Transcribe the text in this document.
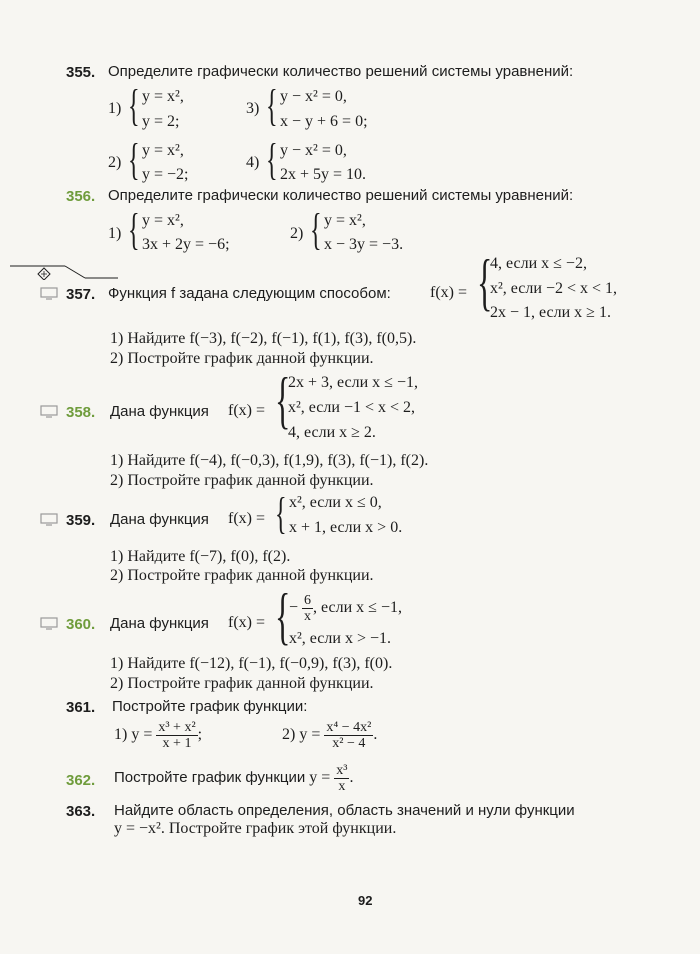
355. Определите графически количество решений системы уравнений:
1) { y = x²,
y = 2;
3) { y − x² = 0,
x − y + 6 = 0;
2) { y = x²,
y = −2;
4) { y − x² = 0,
2x + 5y = 10.
356. Определите графически количество решений системы уравнений:
1) { y = x²,
3x + 2y = −6;
2) { y = x²,
x − 3y = −3.
357. Функция f задана следующим способом: f(x) = {
4, если x ≤ −2,
x², если −2 < x < 1,
2x − 1, если x ≥ 1.
1) Найдите f(−3), f(−2), f(−1), f(1), f(3), f(0,5).
2) Постройте график данной функции.
358. Дана функция f(x) = {
2x + 3, если x ≤ −1,
x², если −1 < x < 2,
4, если x ≥ 2.
1) Найдите f(−4), f(−0,3), f(1,9), f(3), f(−1), f(2).
2) Постройте график данной функции.
359. Дана функция f(x) = { x², если x ≤ 0,
x + 1, если x > 0.
1) Найдите f(−7), f(0), f(2).
2) Постройте график данной функции.
360. Дана функция f(x) = {
− $\frac{6}{x}$ , если x ≤ −1,
x², если x > −1.
1) Найдите f(−12), f(−1), f(−0,9), f(3), f(0).
2) Постройте график данной функции.
361. Постройте график функции:
1) $y = \frac{\text{x³ + x²}}{x + 1}$ ;	2) $y = \frac{\text{x⁴ − 4x²}}{\text{x² − 4}}$ .
362. Постройте график функции $y = \frac{\text{x³}}{x}$ .
363. Найдите область определения, область значений и нули функции
y = −x². Постройте график этой функции.
92
